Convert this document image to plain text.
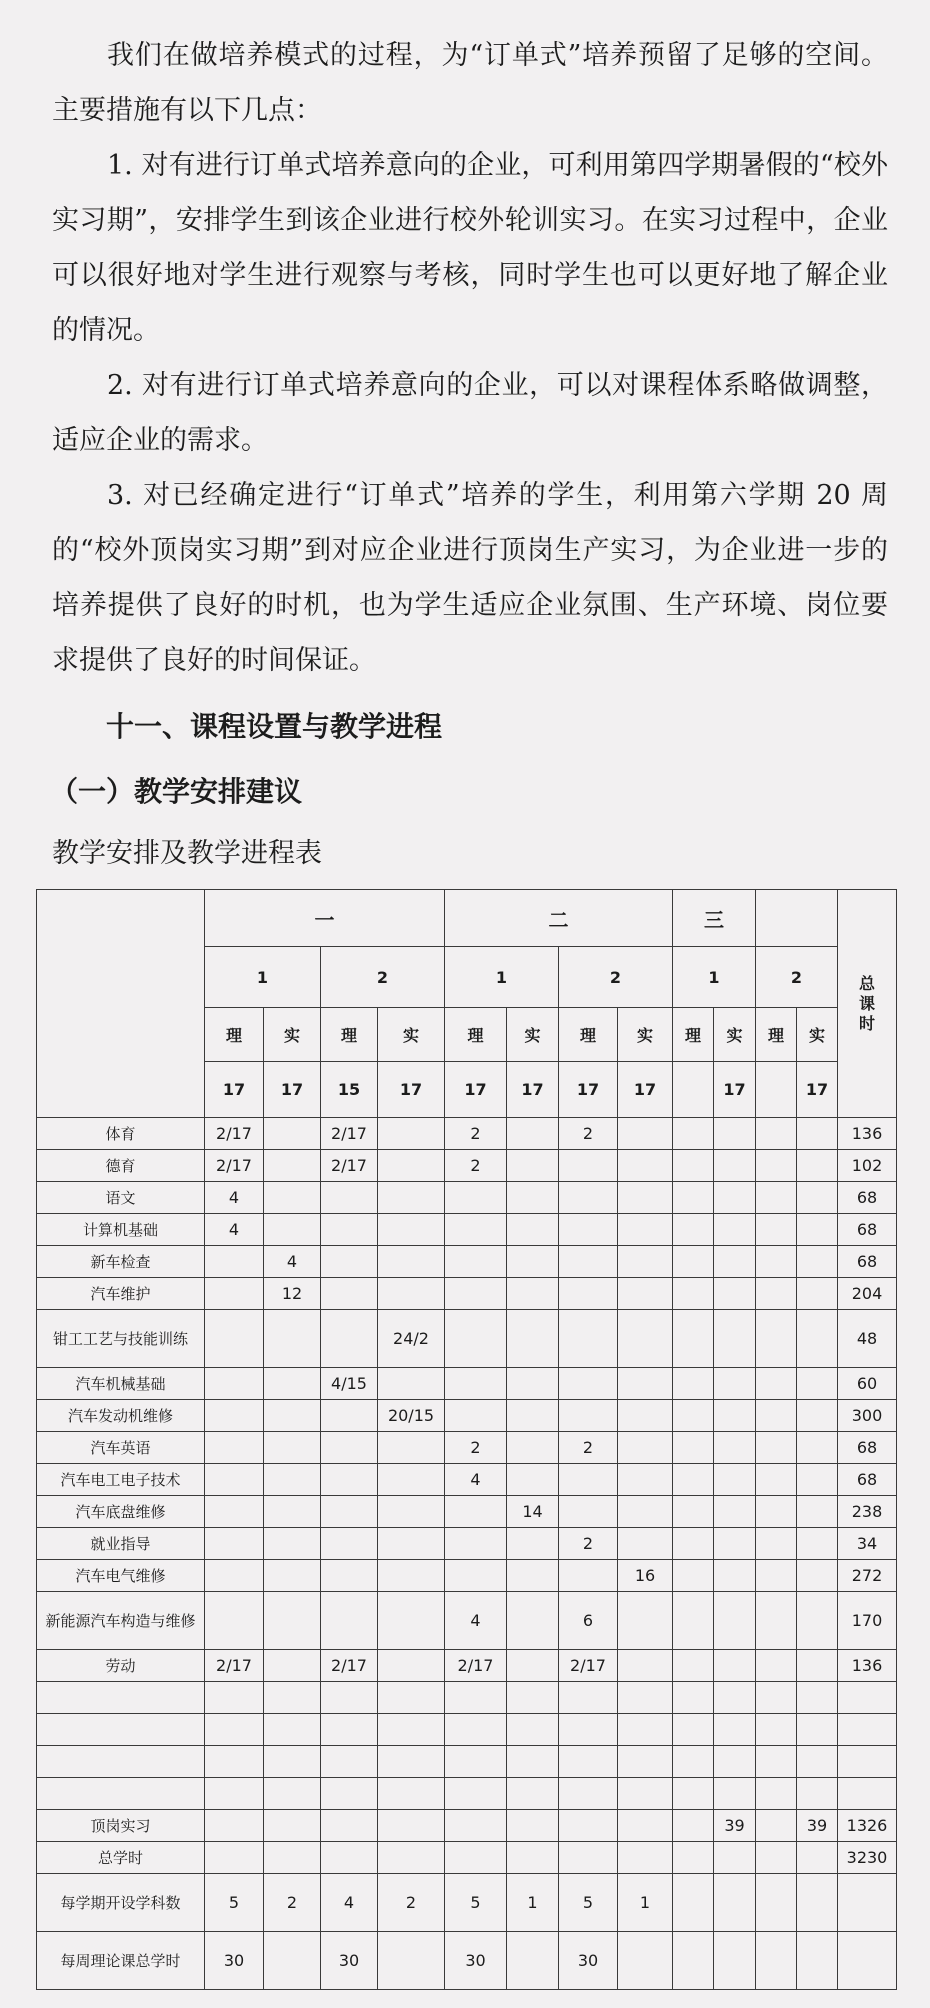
我们在做培养模式的过程，为“订单式”培养预留了足够的空间。主要措施有以下几点：

1. 对有进行订单式培养意向的企业，可利用第四学期暑假的“校外实习期”，安排学生到该企业进行校外轮训实习。在实习过程中，企业可以很好地对学生进行观察与考核，同时学生也可以更好地了解企业的情况。

2. 对有进行订单式培养意向的企业，可以对课程体系略做调整，适应企业的需求。

3. 对已经确定进行“订单式”培养的学生，利用第六学期 20 周的“校外顶岗实习期”到对应企业进行顶岗生产实习，为企业进一步的培养提供了良好的时机，也为学生适应企业氛围、生产环境、岗位要求提供了良好的时间保证。

十一、课程设置与教学进程
（一）教学安排建议

教学安排及教学进程表

	一				二				三				总课时
	1		2		1		2		1		2		
	理	实	理	实	理	实	理	实	理	实	理	实	
	17	17	15	17	17	17	17	17		17		17	
体育	2/17		2/17		2		2						136
德育	2/17		2/17		2								102
语文	4												68
计算机基础	4												68
新车检查		4											68
汽车维护		12											204
钳工工艺与技能训练				24/2									48
汽车机械基础			4/15										60
汽车发动机维修				20/15									300
汽车英语					2		2						68
汽车电工电子技术					4								68
汽车底盘维修						14							238
就业指导							2						34
汽车电气维修								16					272
新能源汽车构造与维修					4		6						170
劳动	2/17		2/17		2/17		2/17						136

顶岗实习										39		39	1326
总学时													3230
每学期开设学科数	5	2	4	2	5	1	5	1					
每周理论课总学时	30		30		30		30						
